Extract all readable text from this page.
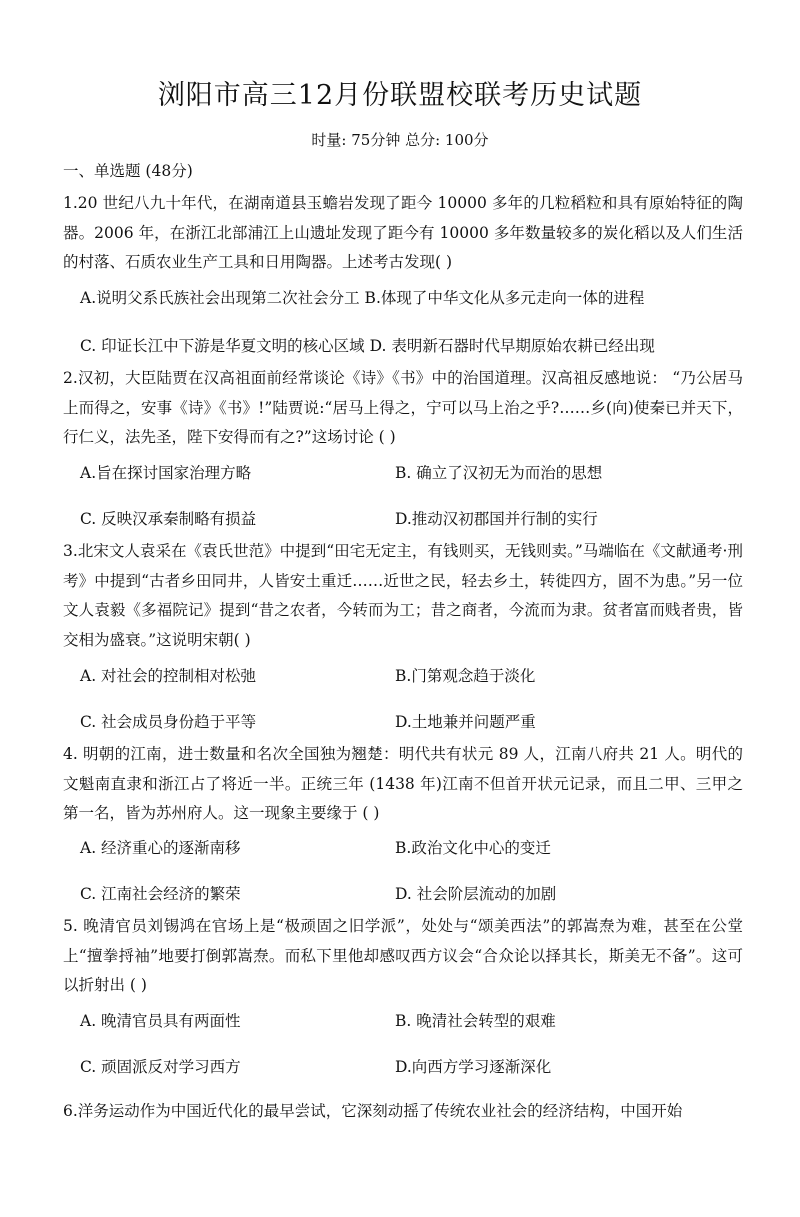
浏阳市高三12月份联盟校联考历史试题
时量: 75分钟 总分: 100分
一、单选题 (48分)
1.20 世纪八九十年代，在湖南道县玉蟾岩发现了距今 10000 多年的几粒稻粒和具有原始特征的陶器。2006 年，在浙江北部浦江上山遗址发现了距今有 10000 多年数量较多的炭化稻以及人们生活的村落、石质农业生产工具和日用陶器。上述考古发现( )
A.说明父系氏族社会出现第二次社会分工 B.体现了中华文化从多元走向一体的进程
C. 印证长江中下游是华夏文明的核心区域 D. 表明新石器时代早期原始农耕已经出现
2.汉初，大臣陆贾在汉高祖面前经常谈论《诗》《书》中的治国道理。汉高祖反感地说： “乃公居马上而得之，安事《诗》《书》!”陆贾说:“居马上得之，宁可以马上治之乎?……乡(向)使秦已并天下，行仁义，法先圣，陛下安得而有之?”这场讨论 ( )
A.旨在探讨国家治理方略	B. 确立了汉初无为而治的思想
C. 反映汉承秦制略有损益	D.推动汉初郡国并行制的实行
3.北宋文人袁采在《袁氏世范》中提到“田宅无定主，有钱则买，无钱则卖。”马端临在《文献通考·刑考》中提到“古者乡田同井，人皆安土重迁……近世之民，轻去乡土，转徙四方，固不为患。”另一位文人袁毅《多福院记》提到“昔之农者，今转而为工；昔之商者，今流而为隶。贫者富而贱者贵，皆交相为盛衰。”这说明宋朝( )
A. 对社会的控制相对松弛	B.门第观念趋于淡化
C. 社会成员身份趋于平等	D.土地兼并问题严重
4. 明朝的江南，进士数量和名次全国独为翘楚：明代共有状元 89 人，江南八府共 21 人。明代的文魁南直隶和浙江占了将近一半。正统三年 (1438 年)江南不但首开状元记录，而且二甲、三甲之第一名，皆为苏州府人。这一现象主要缘于 ( )
A. 经济重心的逐渐南移	B.政治文化中心的变迁
C. 江南社会经济的繁荣	D. 社会阶层流动的加剧
5. 晚清官员刘锡鸿在官场上是“极顽固之旧学派”，处处与“颂美西法”的郭嵩焘为难，甚至在公堂上“擅拳捋袖”地要打倒郭嵩焘。而私下里他却感叹西方议会“合众论以择其长，斯美无不备”。这可以折射出 ( )
A. 晚清官员具有两面性	B. 晚清社会转型的艰难
C. 顽固派反对学习西方	D.向西方学习逐渐深化
6.洋务运动作为中国近代化的最早尝试，它深刻动摇了传统农业社会的经济结构，中国开始
